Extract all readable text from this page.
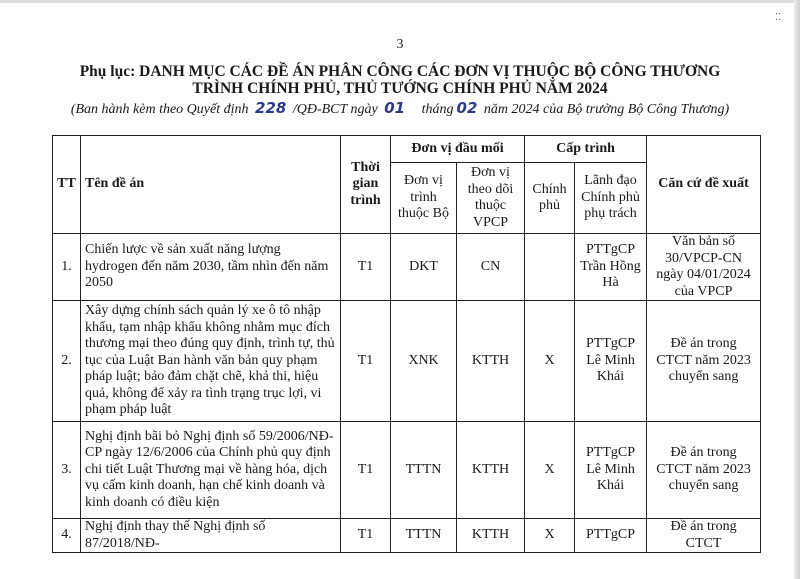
⁚⁚
3
Phụ lục: DANH MỤC CÁC ĐỀ ÁN PHÂN CÔNG CÁC ĐƠN VỊ THUỘC BỘ CÔNG THƯƠNG
TRÌNH CHÍNH PHỦ, THỦ TƯỚNG CHÍNH PHỦ NĂM 2024
(Ban hành kèm theo Quyết định 228 /QĐ-BCT ngày 01 tháng 02 năm 2024 của Bộ trưởng Bộ Công Thương)
TT	Tên đề án	Thời gian trình	Đơn vị đầu mối		Cấp trình		Căn cứ đề xuất
			Đơn vị trình thuộc Bộ	Đơn vị theo dõi thuộc VPCP	Chính phủ	Lãnh đạo Chính phủ phụ trách	
1.	Chiến lược về sản xuất năng lượng hydrogen đến năm 2030, tầm nhìn đến năm 2050	T1	DKT	CN		PTTgCP Trần Hồng Hà	Văn bản số 30/VPCP-CN ngày 04/01/2024 của VPCP
2.	Xây dựng chính sách quản lý xe ô tô nhập khẩu, tạm nhập khẩu không nhằm mục đích thương mại theo đúng quy định, trình tự, thủ tục của Luật Ban hành văn bản quy phạm pháp luật; bảo đảm chặt chẽ, khả thi, hiệu quả, không để xảy ra tình trạng trục lợi, vi phạm pháp luật	T1	XNK	KTTH	X	PTTgCP Lê Minh Khái	Đề án trong CTCT năm 2023 chuyển sang
3.	Nghị định bãi bỏ Nghị định số 59/2006/NĐ-CP ngày 12/6/2006 của Chính phủ quy định chi tiết Luật Thương mại về hàng hóa, dịch vụ cấm kinh doanh, hạn chế kinh doanh và kinh doanh có điều kiện	T1	TTTN	KTTH	X	PTTgCP Lê Minh Khái	Đề án trong CTCT năm 2023 chuyển sang
4.	Nghị định thay thế Nghị định số 87/2018/NĐ-	T1	TTTN	KTTH	X	PTTgCP	Đề án trong CTCT
